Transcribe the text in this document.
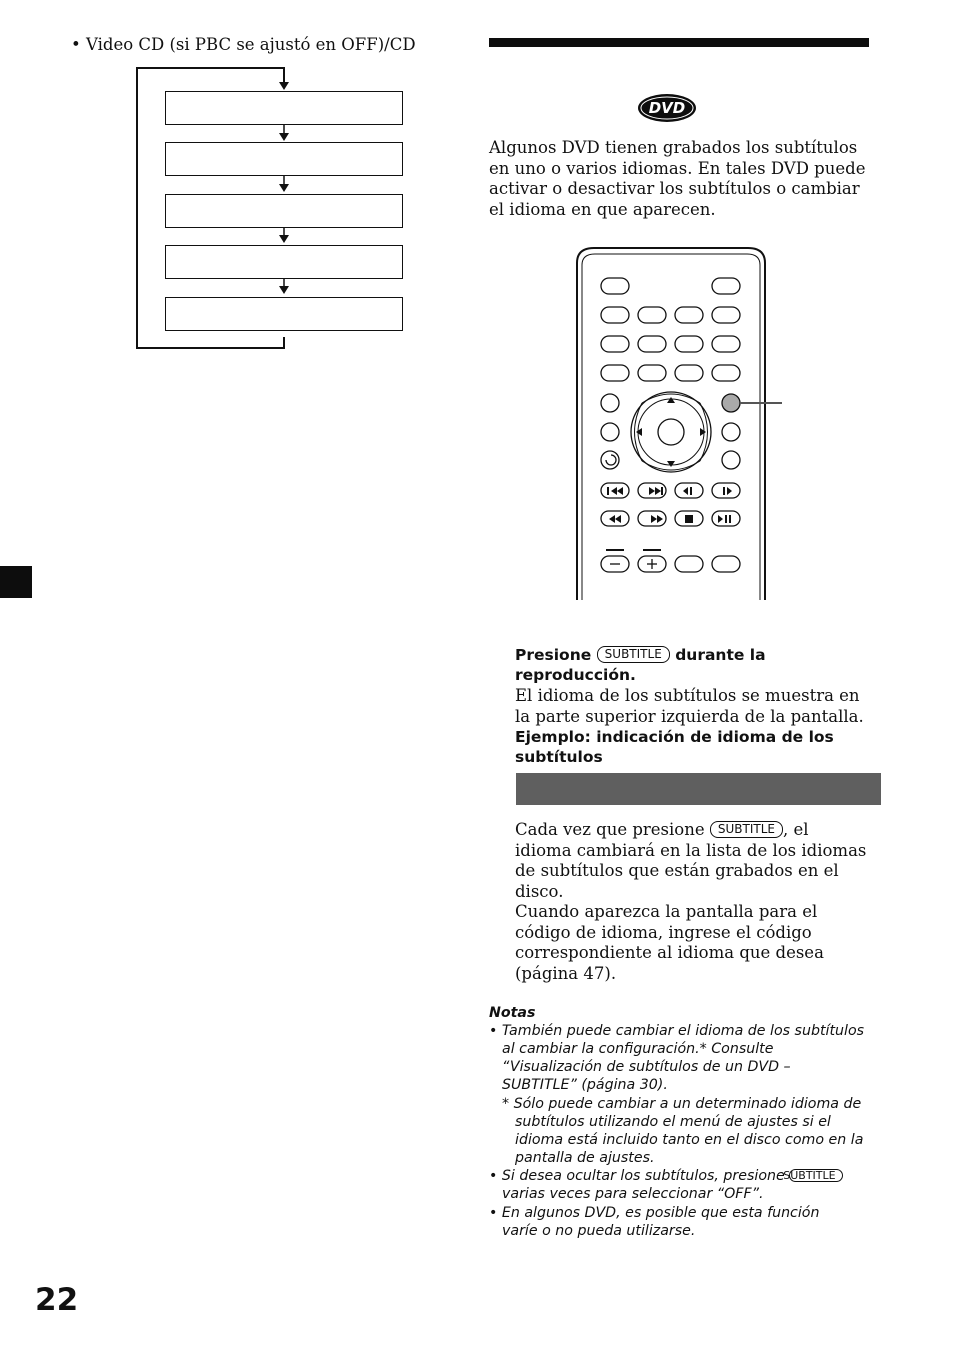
• Video CD (si PBC se ajustó en OFF)/CD
22
DVD
Algunos DVD tienen grabados los subtítulos en uno o varios idiomas. En tales DVD puede activar o desactivar los subtítulos o cambiar el idioma en que aparecen.
Presione SUBTITLE durante la reproducción.
El idioma de los subtítulos se muestra en la parte superior izquierda de la pantalla.
Ejemplo: indicación de idioma de los subtítulos
Cada vez que presione SUBTITLE , el idioma cambiará en la lista de los idiomas de subtítulos que están grabados en el disco.
Cuando aparezca la pantalla para el código de idioma, ingrese el código correspondiente al idioma que desea (página 47).
Notas
• También puede cambiar el idioma de los subtítulos al cambiar la configuración.* Consulte “Visualización de subtítulos de un DVD – SUBTITLE” (página 30).
* Sólo puede cambiar a un determinado idioma de subtítulos utilizando el menú de ajustes si el idioma está incluido tanto en el disco como en la pantalla de ajustes.
• Si desea ocultar los subtítulos, presione SUBTITLE varias veces para seleccionar “OFF”.
• En algunos DVD, es posible que esta función varíe o no pueda utilizarse.
